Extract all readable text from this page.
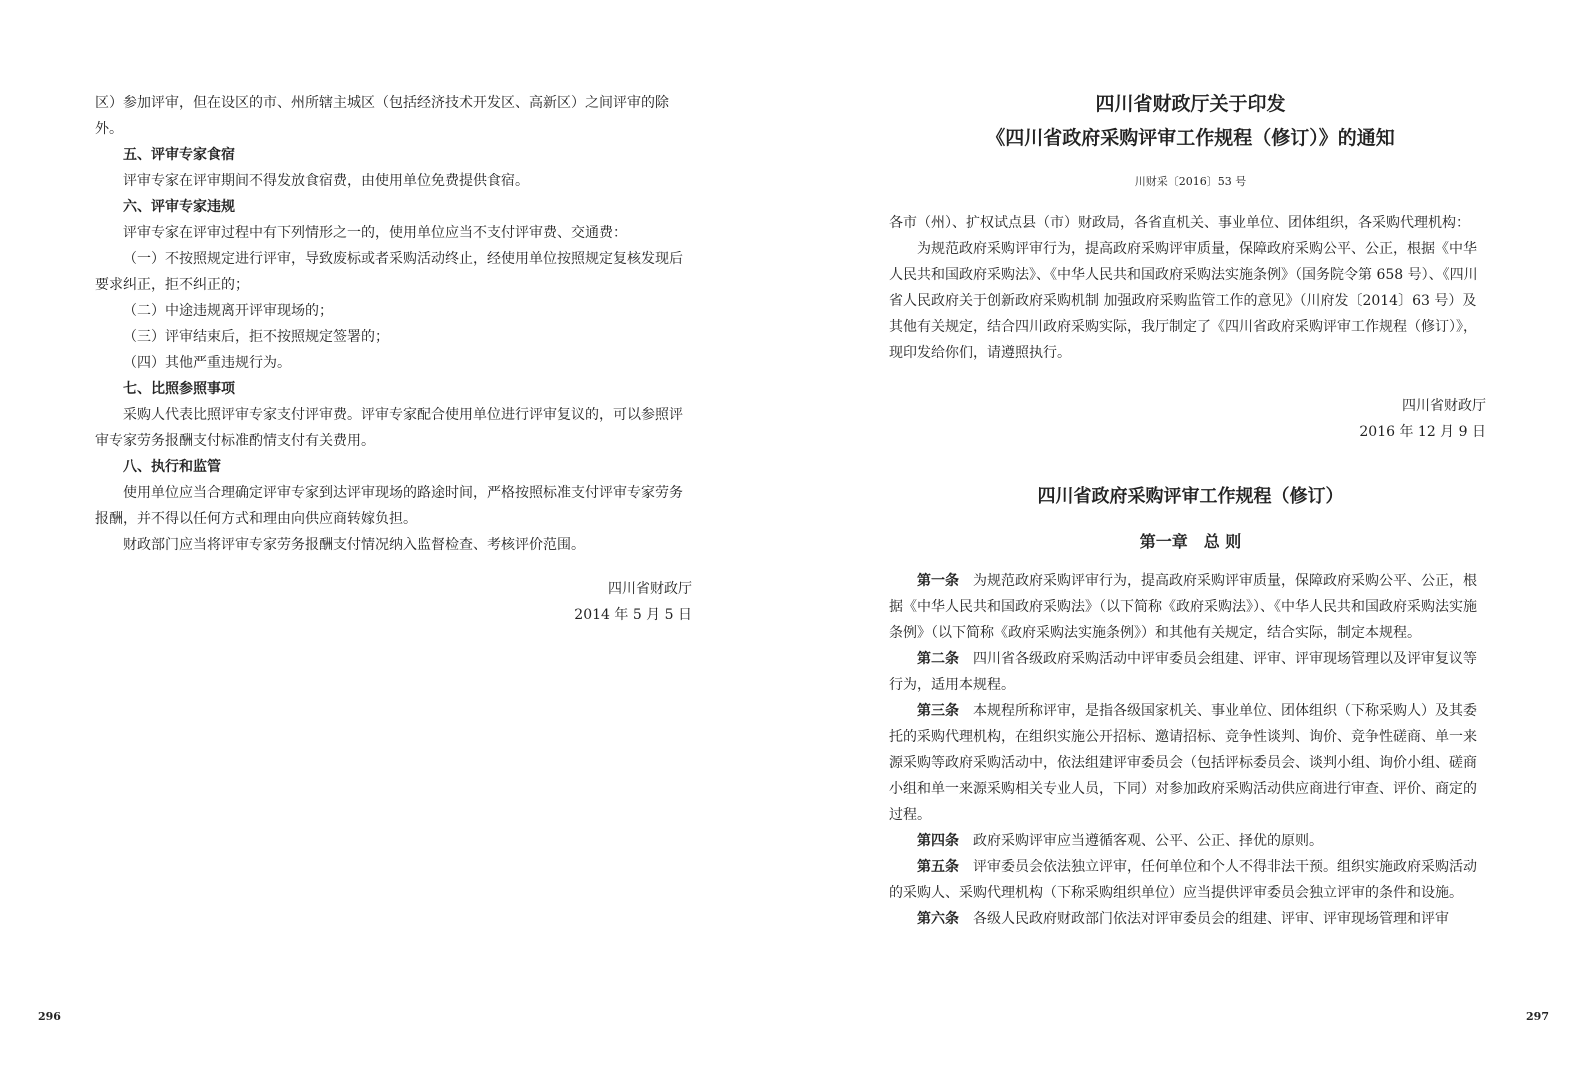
区）参加评审，但在设区的市、州所辖主城区（包括经济技术开发区、高新区）之间评审的除外。

五、评审专家食宿

评审专家在评审期间不得发放食宿费，由使用单位免费提供食宿。

六、评审专家违规

评审专家在评审过程中有下列情形之一的，使用单位应当不支付评审费、交通费：

（一）不按照规定进行评审，导致废标或者采购活动终止，经使用单位按照规定复核发现后要求纠正，拒不纠正的；

（二）中途违规离开评审现场的；

（三）评审结束后，拒不按照规定签署的；

（四）其他严重违规行为。

七、比照参照事项

采购人代表比照评审专家支付评审费。评审专家配合使用单位进行评审复议的，可以参照评审专家劳务报酬支付标准酌情支付有关费用。

八、执行和监管

使用单位应当合理确定评审专家到达评审现场的路途时间，严格按照标准支付评审专家劳务报酬，并不得以任何方式和理由向供应商转嫁负担。

财政部门应当将评审专家劳务报酬支付情况纳入监督检查、考核评价范围。

四川省财政厅

2014 年 5 月 5 日

296
四川省财政厅关于印发
《四川省政府采购评审工作规程（修订）》的通知
川财采〔2016〕53 号

各市（州）、扩权试点县（市）财政局，各省直机关、事业单位、团体组织，各采购代理机构：

为规范政府采购评审行为，提高政府采购评审质量，保障政府采购公平、公正，根据《中华人民共和国政府采购法》、《中华人民共和国政府采购法实施条例》（国务院令第 658 号）、《四川省人民政府关于创新政府采购机制 加强政府采购监管工作的意见》（川府发〔2014〕63 号）及其他有关规定，结合四川政府采购实际，我厅制定了《四川省政府采购评审工作规程（修订）》，现印发给你们，请遵照执行。

四川省财政厅

2016 年 12 月 9 日

四川省政府采购评审工作规程（修订）
第一章　总 则

第一条 为规范政府采购评审行为，提高政府采购评审质量，保障政府采购公平、公正，根据《中华人民共和国政府采购法》（以下简称《政府采购法》）、《中华人民共和国政府采购法实施条例》（以下简称《政府采购法实施条例》）和其他有关规定，结合实际，制定本规程。

第二条 四川省各级政府采购活动中评审委员会组建、评审、评审现场管理以及评审复议等行为，适用本规程。

第三条 本规程所称评审，是指各级国家机关、事业单位、团体组织（下称采购人）及其委托的采购代理机构，在组织实施公开招标、邀请招标、竞争性谈判、询价、竞争性磋商、单一来源采购等政府采购活动中，依法组建评审委员会（包括评标委员会、谈判小组、询价小组、磋商小组和单一来源采购相关专业人员，下同）对参加政府采购活动供应商进行审查、评价、商定的过程。

第四条 政府采购评审应当遵循客观、公平、公正、择优的原则。

第五条 评审委员会依法独立评审，任何单位和个人不得非法干预。组织实施政府采购活动的采购人、采购代理机构（下称采购组织单位）应当提供评审委员会独立评审的条件和设施。

第六条 各级人民政府财政部门依法对评审委员会的组建、评审、评审现场管理和评审

297
